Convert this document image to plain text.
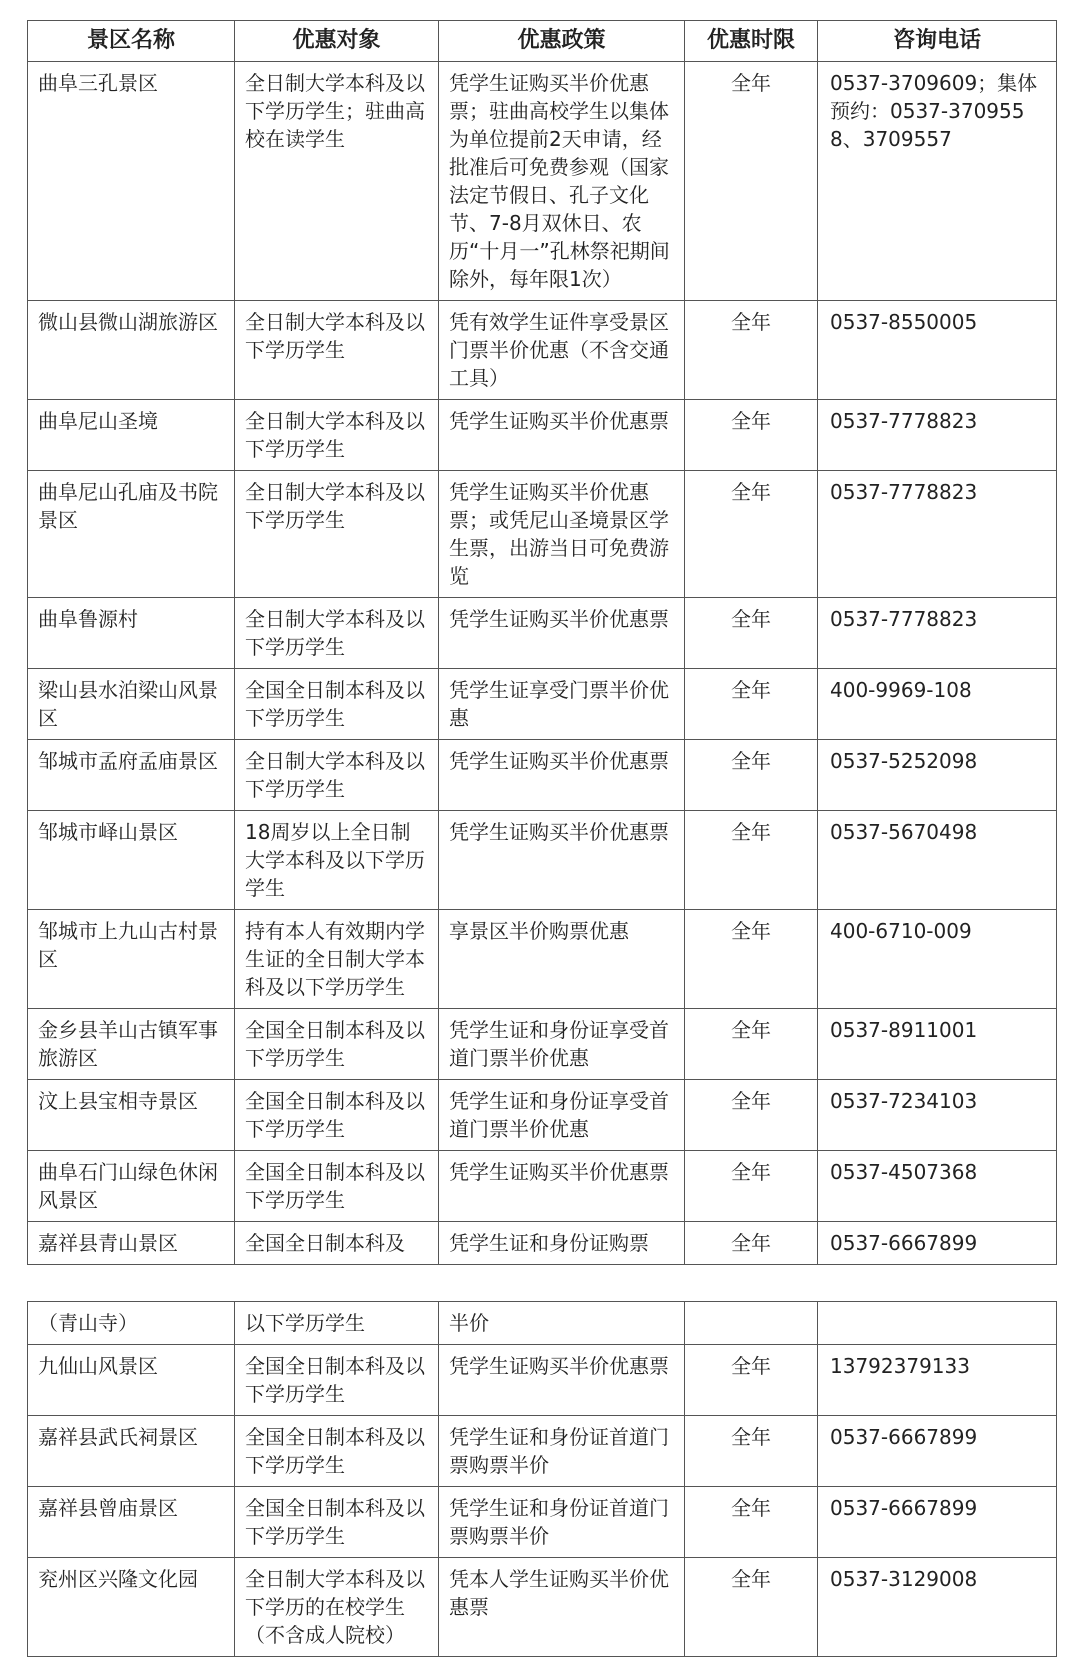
景区名称	优惠对象	优惠政策	优惠时限	咨询电话
曲阜三孔景区	全日制大学本科及以下学历学生；驻曲高校在读学生	凭学生证购买半价优惠票；驻曲高校学生以集体为单位提前2天申请，经批准后可免费参观（国家法定节假日、孔子文化节、7-8月双休日、农历“十月一”孔林祭祀期间除外，每年限1次）	全年	0537-3709609；集体预约：0537-3709558、3709557
微山县微山湖旅游区	全日制大学本科及以下学历学生	凭有效学生证件享受景区门票半价优惠（不含交通工具）	全年	0537-8550005
曲阜尼山圣境	全日制大学本科及以下学历学生	凭学生证购买半价优惠票	全年	0537-7778823
曲阜尼山孔庙及书院景区	全日制大学本科及以下学历学生	凭学生证购买半价优惠票；或凭尼山圣境景区学生票，出游当日可免费游览	全年	0537-7778823
曲阜鲁源村	全日制大学本科及以下学历学生	凭学生证购买半价优惠票	全年	0537-7778823
梁山县水泊梁山风景区	全国全日制本科及以下学历学生	凭学生证享受门票半价优惠	全年	400-9969-108
邹城市孟府孟庙景区	全日制大学本科及以下学历学生	凭学生证购买半价优惠票	全年	0537-5252098
邹城市峄山景区	18周岁以上全日制大学本科及以下学历学生	凭学生证购买半价优惠票	全年	0537-5670498
邹城市上九山古村景区	持有本人有效期内学生证的全日制大学本科及以下学历学生	享景区半价购票优惠	全年	400-6710-009
金乡县羊山古镇军事旅游区	全国全日制本科及以下学历学生	凭学生证和身份证享受首道门票半价优惠	全年	0537-8911001
汶上县宝相寺景区	全国全日制本科及以下学历学生	凭学生证和身份证享受首道门票半价优惠	全年	0537-7234103
曲阜石门山绿色休闲风景区	全国全日制本科及以下学历学生	凭学生证购买半价优惠票	全年	0537-4507368
嘉祥县青山景区	全国全日制本科及	凭学生证和身份证购票	全年	0537-6667899
（青山寺）	以下学历学生	半价		
九仙山风景区	全国全日制本科及以下学历学生	凭学生证购买半价优惠票	全年	13792379133
嘉祥县武氏祠景区	全国全日制本科及以下学历学生	凭学生证和身份证首道门票购票半价	全年	0537-6667899
嘉祥县曾庙景区	全国全日制本科及以下学历学生	凭学生证和身份证首道门票购票半价	全年	0537-6667899
兖州区兴隆文化园	全日制大学本科及以下学历的在校学生（不含成人院校）	凭本人学生证购买半价优惠票	全年	0537-3129008
